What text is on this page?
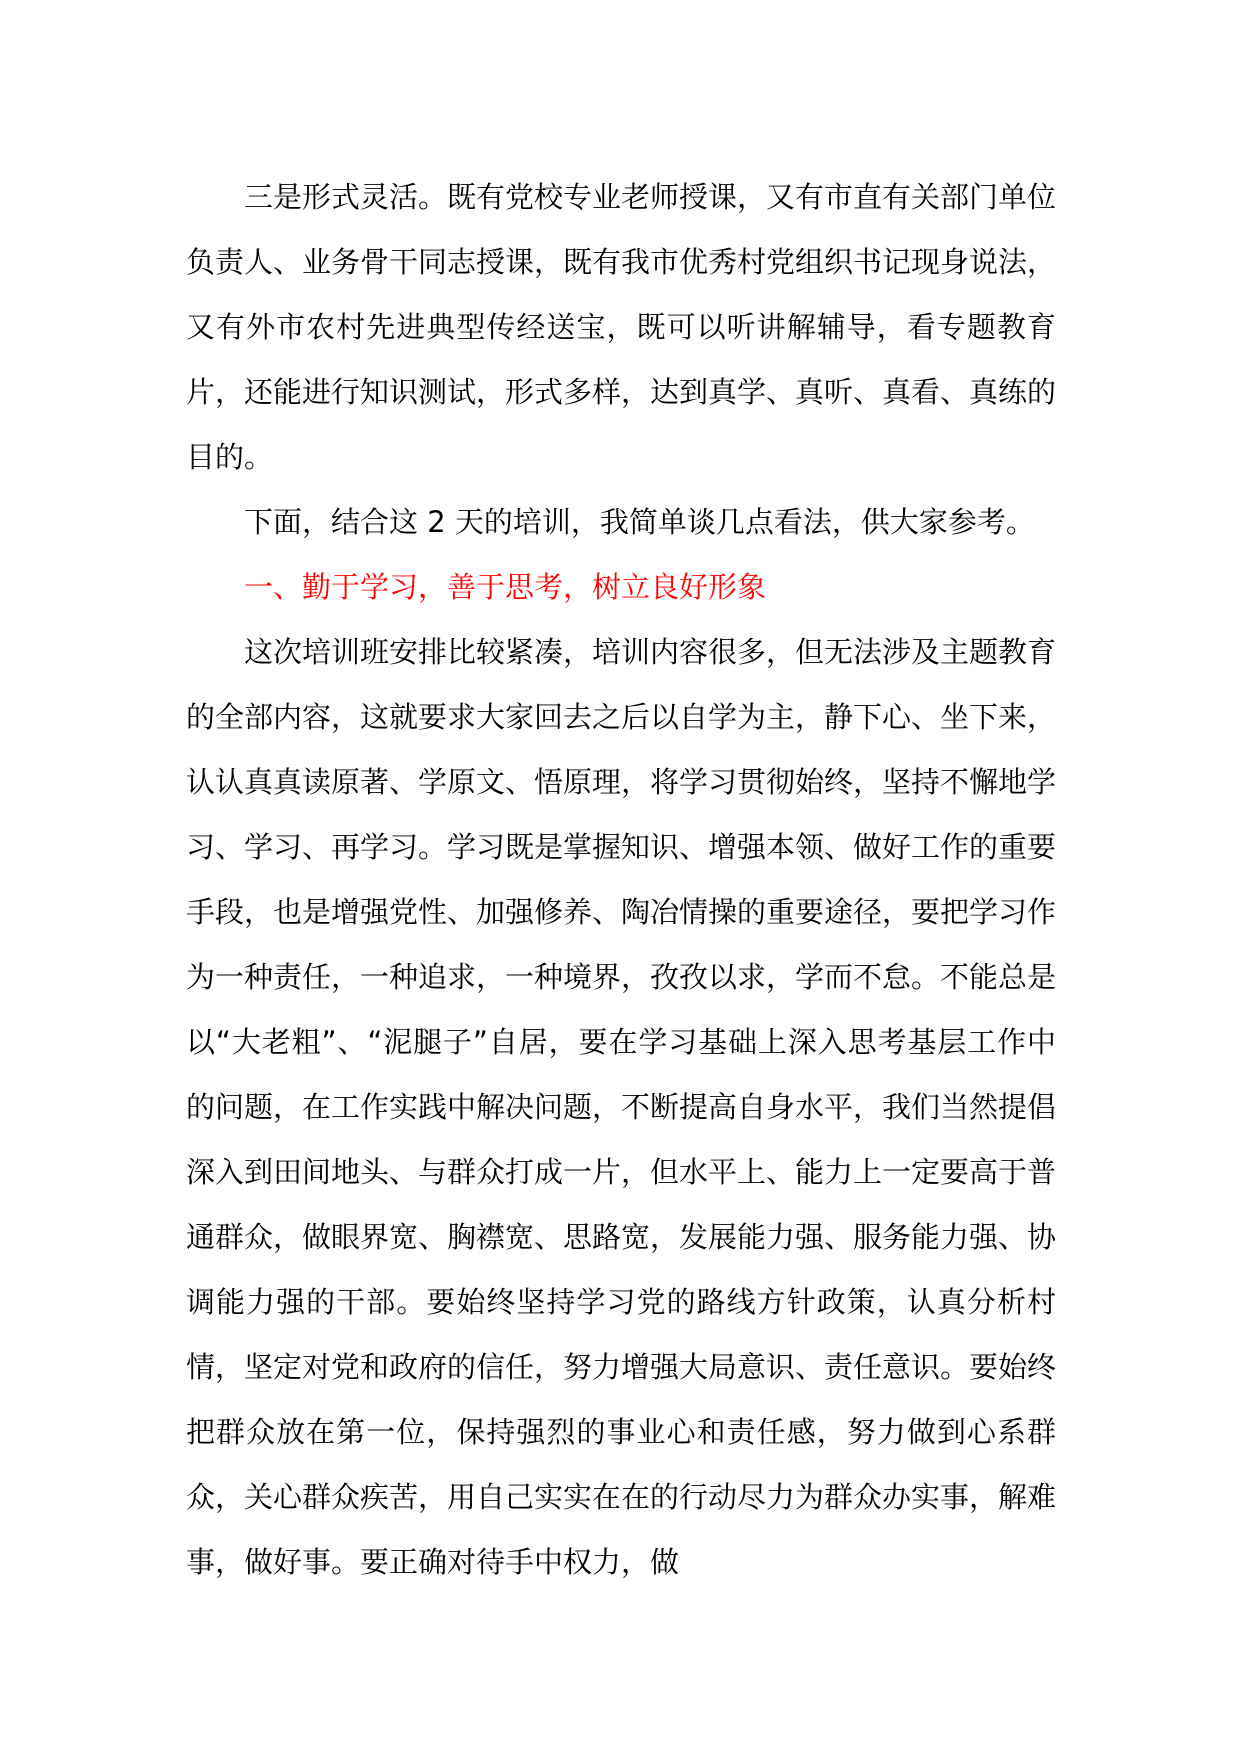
三是形式灵活。既有党校专业老师授课，又有市直有关部门单位负责人、业务骨干同志授课，既有我市优秀村党组织书记现身说法，又有外市农村先进典型传经送宝，既可以听讲解辅导，看专题教育片，还能进行知识测试，形式多样，达到真学、真听、真看、真练的目的。

下面，结合这 2 天的培训，我简单谈几点看法，供大家参考。

一、勤于学习，善于思考，树立良好形象

这次培训班安排比较紧凑，培训内容很多，但无法涉及主题教育的全部内容，这就要求大家回去之后以自学为主，静下心、坐下来，认认真真读原著、学原文、悟原理，将学习贯彻始终，坚持不懈地学习、学习、再学习。学习既是掌握知识、增强本领、做好工作的重要手段，也是增强党性、加强修养、陶冶情操的重要途径，要把学习作为一种责任，一种追求，一种境界，孜孜以求，学而不怠。不能总是以“大老粗”、“泥腿子”自居，要在学习基础上深入思考基层工作中的问题，在工作实践中解决问题，不断提高自身水平，我们当然提倡深入到田间地头、与群众打成一片，但水平上、能力上一定要高于普通群众，做眼界宽、胸襟宽、思路宽，发展能力强、服务能力强、协调能力强的干部。要始终坚持学习党的路线方针政策，认真分析村情，坚定对党和政府的信任，努力增强大局意识、责任意识。要始终把群众放在第一位，保持强烈的事业心和责任感，努力做到心系群众，关心群众疾苦，用自己实实在在的行动尽力为群众办实事，解难事，做好事。要正确对待手中权力，做
